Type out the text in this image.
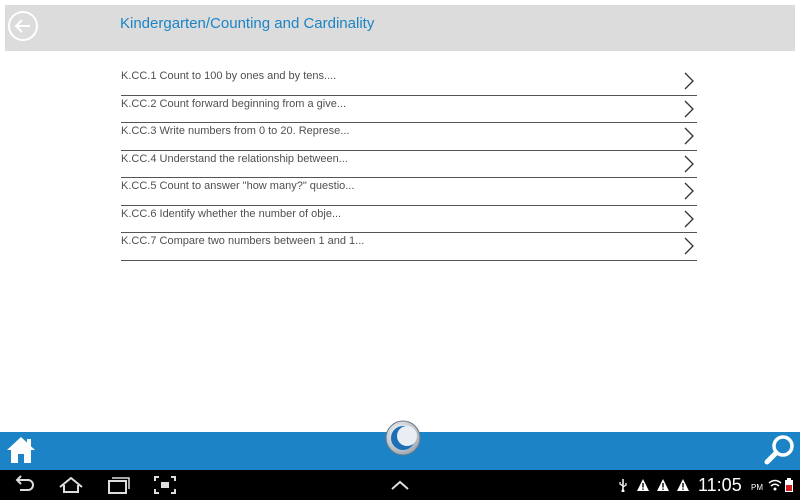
Kindergarten/Counting and Cardinality
K.CC.1 Count to 100 by ones and by tens....
K.CC.2 Count forward beginning from a give...
K.CC.3 Write numbers from 0 to 20. Represe...
K.CC.4 Understand the relationship between...
K.CC.5 Count to answer "how many?" questio...
K.CC.6 Identify whether the number of obje...
K.CC.7 Compare two numbers between 1 and 1...
11:05 PM
